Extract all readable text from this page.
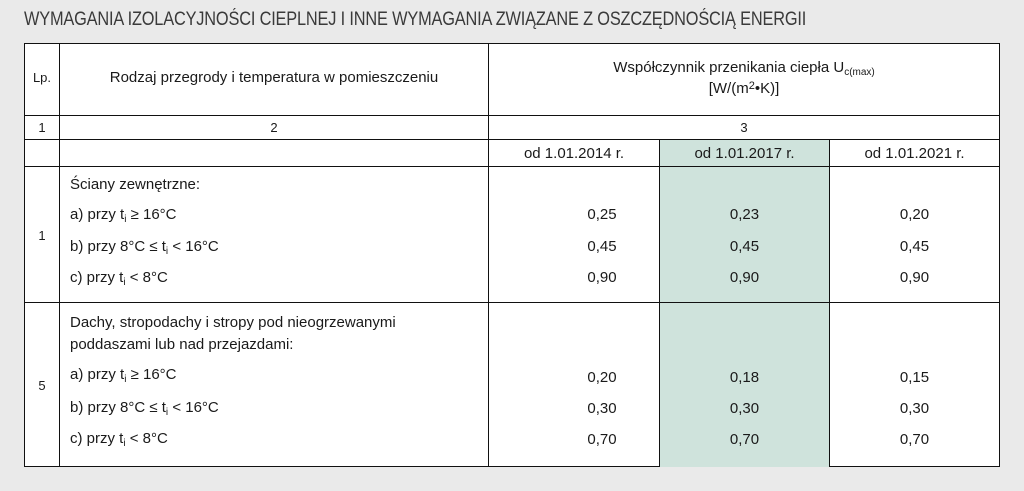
WYMAGANIA IZOLACYJNOŚCI CIEPLNEJ I INNE WYMAGANIA ZWIĄZANE Z OSZCZĘDNOŚCIĄ ENERGII
Lp.	Rodzaj przegrody i temperatura w pomieszczeniu
Współczynnik przenikania ciepła $U_{c(max)}$
$[W/(m^2•K)]$
1	2	3
od 1.01.2014 r.	od 1.01.2017 r.	od 1.01.2021 r.
1
Ściany zewnętrzne:
a) przy $t_i \ge 16^\circ C$	0,25	0,23	0,20
b) przy $8^\circ C \le t_i < 16^\circ C$	0,45	0,45	0,45
c) przy $t_i < 8^\circ C$	0,90	0,90	0,90
5
Dachy, stropodachy i stropy pod nieogrzewanymi
poddaszami lub nad przejazdami:
a) przy $t_i \ge 16^\circ C$	0,20	0,18	0,15
b) przy $8^\circ C \le t_i < 16^\circ C$	0,30	0,30	0,30
c) przy $t_i < 8^\circ C$	0,70	0,70	0,70
